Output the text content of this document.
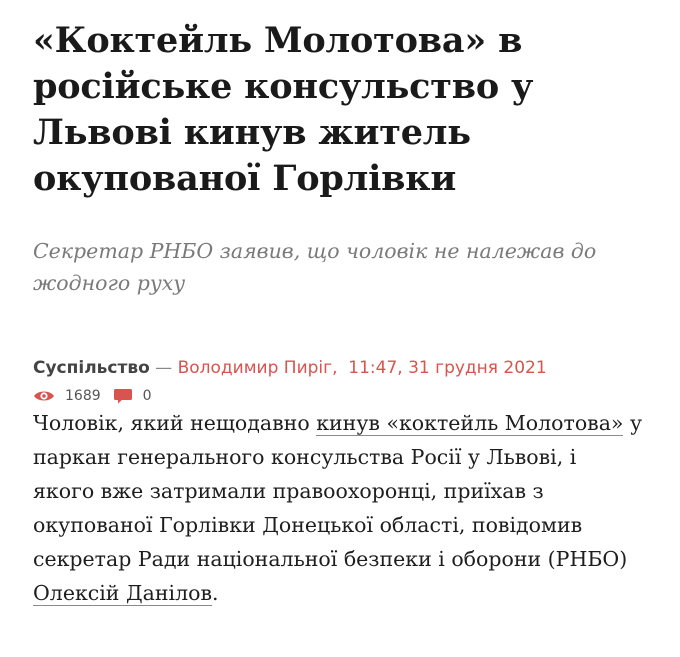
«Коктейль Молотова» в російське консульство у Львові кинув житель окупованої Горлівки

Секретар РНБО заявив, що чоловік не належав до жодного руху

Суспільство — Володимир Пиріг, 11:47, 31 грудня 2021
1689	0

Чоловік, який нещодавно кинув «коктейль Молотова» у паркан генерального консульства Росії у Львові, і якого вже затримали правоохоронці, приїхав з окупованої Горлівки Донецької області, повідомив секретар Ради національної безпеки і оборони (РНБО) Олексій Данілов.
